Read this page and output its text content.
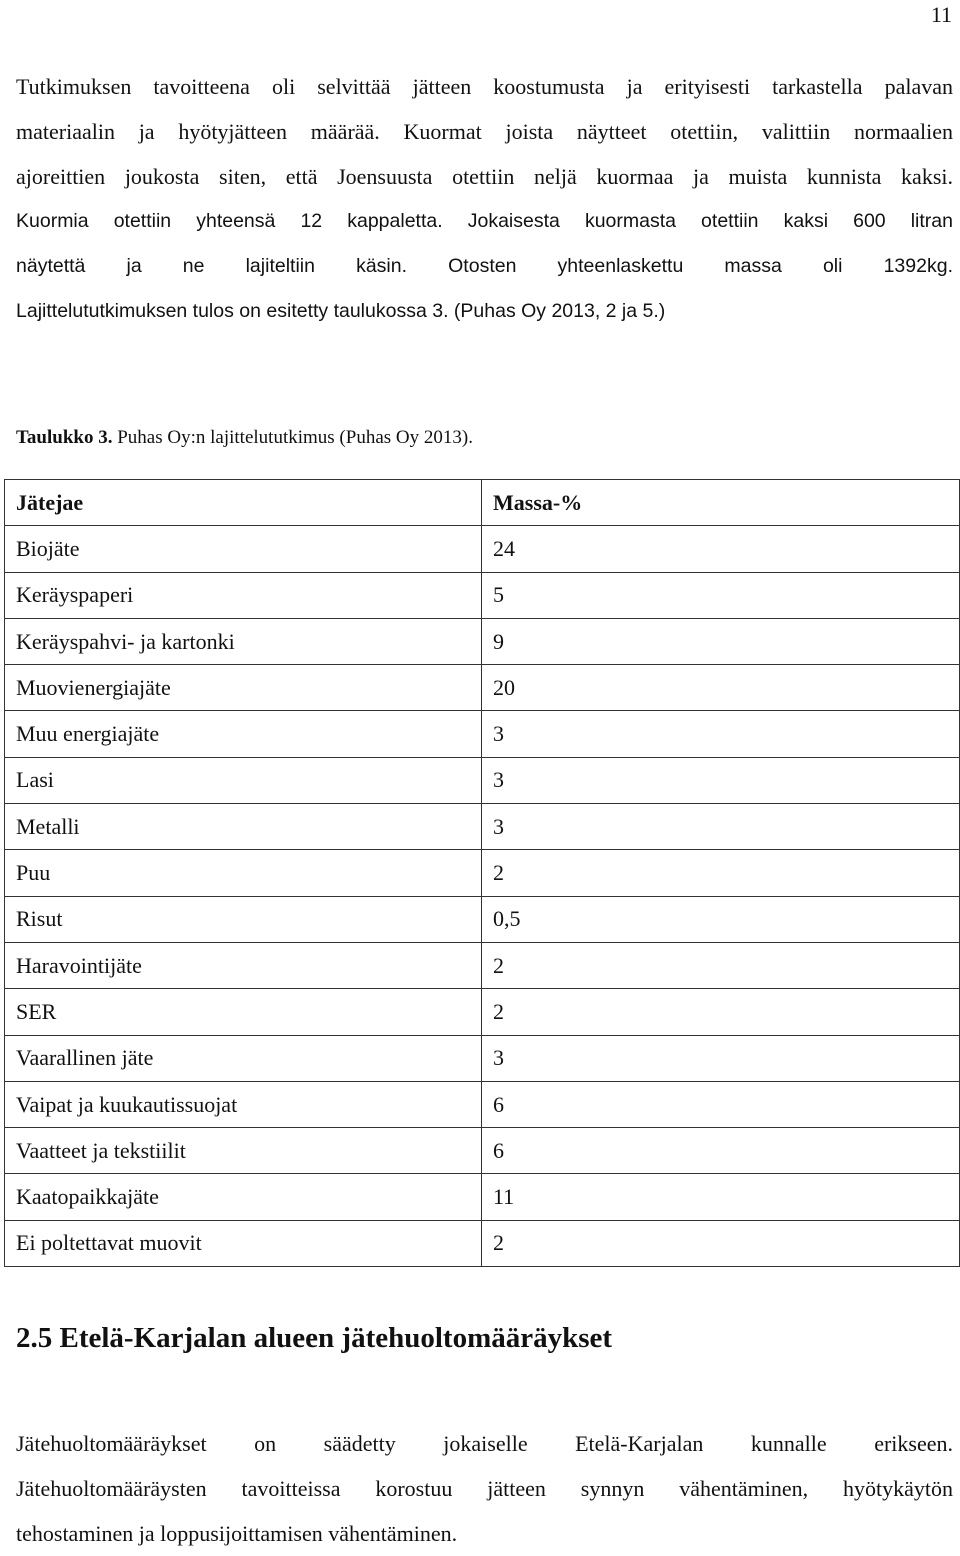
11
Tutkimuksen tavoitteena oli selvittää jätteen koostumusta ja erityisesti tarkastella palavan
materiaalin ja hyötyjätteen määrää. Kuormat joista näytteet otettiin, valittiin normaalien
ajoreittien joukosta siten, että Joensuusta otettiin neljä kuormaa ja muista kunnista kaksi.
Kuormia otettiin yhteensä 12 kappaletta. Jokaisesta kuormasta otettiin kaksi 600 litran
näytettä ja ne lajiteltiin käsin. Otosten yhteenlaskettu massa oli 1392kg.
Lajittelututkimuksen tulos on esitetty taulukossa 3. (Puhas Oy 2013, 2 ja 5.)
Taulukko 3. Puhas Oy:n lajittelututkimus (Puhas Oy 2013).
Jätejae	Massa-%
Biojäte	24
Keräyspaperi	5
Keräyspahvi- ja kartonki	9
Muovienergiajäte	20
Muu energiajäte	3
Lasi	3
Metalli	3
Puu	2
Risut	0,5
Haravointijäte	2
SER	2
Vaarallinen jäte	3
Vaipat ja kuukautissuojat	6
Vaatteet ja tekstiilit	6
Kaatopaikkajäte	11
Ei poltettavat muovit	2
2.5 Etelä-Karjalan alueen jätehuoltomääräykset
Jätehuoltomääräykset on säädetty jokaiselle Etelä-Karjalan kunnalle erikseen.
Jätehuoltomääräysten tavoitteissa korostuu jätteen synnyn vähentäminen, hyötykäytön
tehostaminen ja loppusijoittamisen vähentäminen.
